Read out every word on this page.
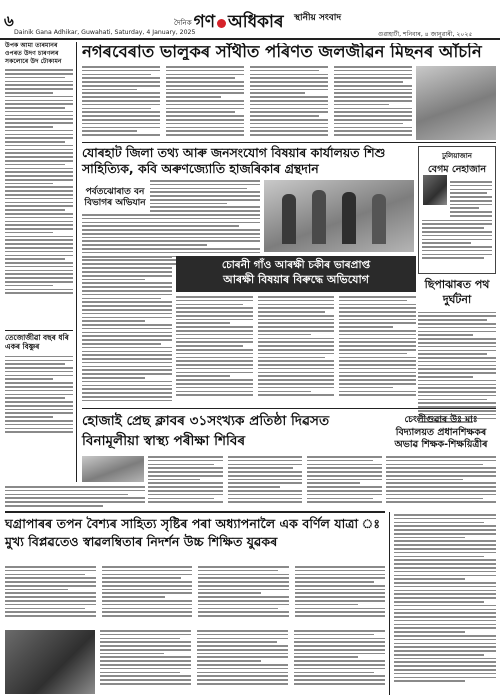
৬
Dainik Gana Adhikar, Guwahati, Saturday, 4 January, 2025
দৈনিক গণ অধিকাৰ স্থানীয় সংবাদ
গুৱাহাটী, শনিবাৰ, ৪ জানুৱাৰী, ২০২৫
উপক আমা তাৰমানৰ ওপৰত উদণ চাৰণলৰ সকলোৰে উদ টোকামন
তেজোজীৱা বছৰ ধৰি একৰ বিষ্ণুৰ
নগৰবেৰাত ভালুকৰ সাঁথীত পৰিণত জলজীৱন মিছনৰ আঁচনি
যোৰহাট জিলা তথ্য আৰু জনসংযোগ বিষয়াৰ কাৰ্যালয়ত শিশু সাহিত্যিক, কবি অৰুণজ্যোতি হাজৰিকাৰ গ্ৰন্থদান
ঢুলিয়াজান
বেগম নেহাজান
পৰ্বতঝোৰাত বন বিভাগৰ অভিযান
চোৰনী গাঁও আৰক্ষী চকীৰ ভাৰপ্ৰাপ্ত
আৰক্ষী বিষয়াৰ বিৰুদ্ধে অভিযোগ	ছিপাঝাৰত পথ দুৰ্ঘটনা
হোজাই প্ৰেছ ক্লাবৰ ৩১সংখ্যক প্ৰতিষ্ঠা দিৱসত বিনামূলীয়া স্বাস্থ্য পৰীক্ষা শিবিৰ
চেংলীগুৱাৰ উঃ মাঃ
বিদ্যালয়ত প্ৰধানশিক্ষকৰ অভাৱ শিক্ষক-শিক্ষয়িত্ৰীৰ
ঘগ্ৰাপাৰৰ তপন বৈশ্যৰ সাহিত্য সৃষ্টিৰ পৰা অধ্যাপনালৈ এক বৰ্ণিল যাত্ৰা ঃ মুখ্য বিপ্লৱতেও স্বাৱলম্বিতাৰ নিদৰ্শন উচ্চ শিক্ষিত যুৱকৰ
